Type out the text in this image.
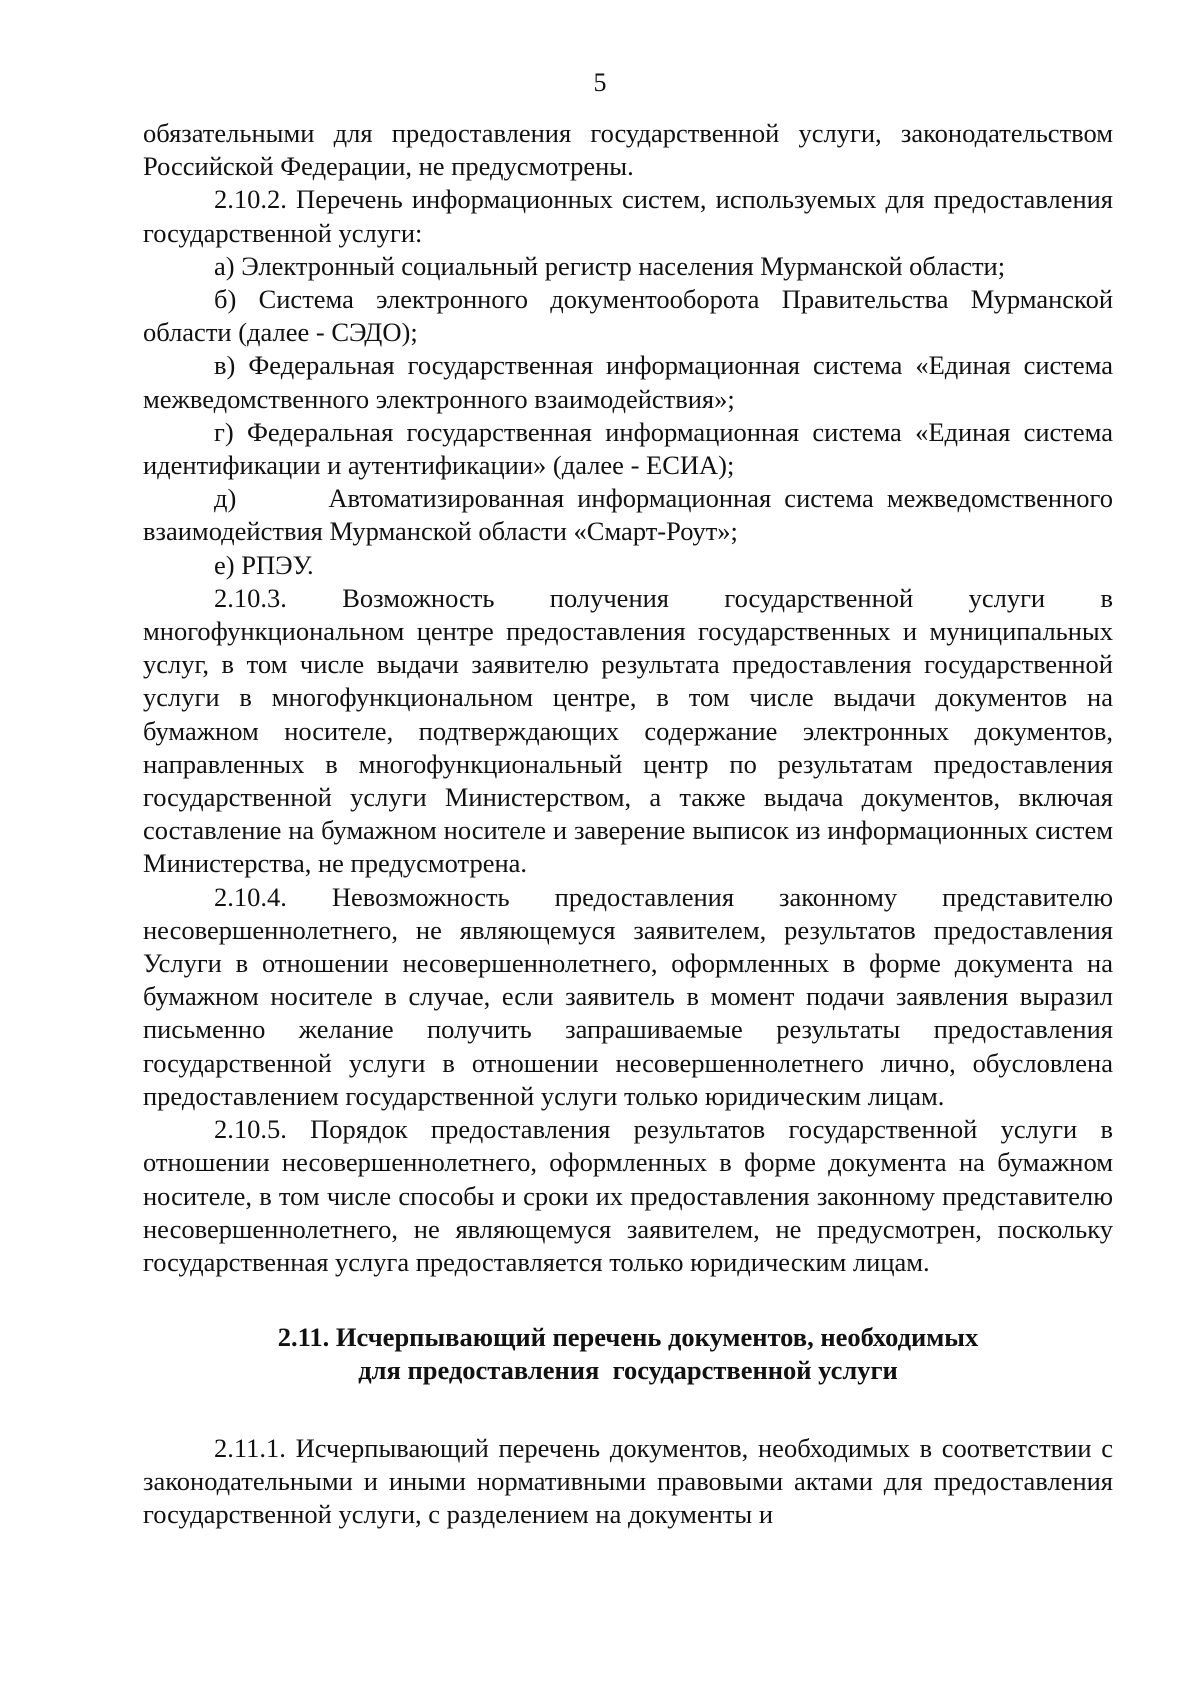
5

обязательными для предоставления государственной услуги, законодательством Российской Федерации, не предусмотрены.

2.10.2. Перечень информационных систем, используемых для предоставления государственной услуги:

а) Электронный социальный регистр населения Мурманской области;

б) Система электронного документооборота Правительства Мурманской области (далее - СЭДО);

в) Федеральная государственная информационная система «Единая система межведомственного электронного взаимодействия»;

г) Федеральная государственная информационная система «Единая система идентификации и аутентификации» (далее - ЕСИА);

д)       Автоматизированная информационная система межведомственного взаимодействия Мурманской области «Смарт-Роут»;

е) РПЭУ.

2.10.3. Возможность получения государственной услуги в многофункциональном центре предоставления государственных и муниципальных услуг, в том числе выдачи заявителю результата предоставления государственной услуги в многофункциональном центре, в том числе выдачи документов на бумажном носителе, подтверждающих содержание электронных документов, направленных в многофункциональный центр по результатам предоставления государственной услуги Министерством, а также выдача документов, включая составление на бумажном носителе и заверение выписок из информационных систем Министерства, не предусмотрена.

2.10.4. Невозможность предоставления законному представителю несовершеннолетнего, не являющемуся заявителем, результатов предоставления Услуги в отношении несовершеннолетнего, оформленных в форме документа на бумажном носителе в случае, если заявитель в момент подачи заявления выразил письменно желание получить запрашиваемые результаты предоставления государственной услуги в отношении несовершеннолетнего лично, обусловлена предоставлением государственной услуги только юридическим лицам.

2.10.5. Порядок предоставления результатов государственной услуги в отношении несовершеннолетнего, оформленных в форме документа на бумажном носителе, в том числе способы и сроки их предоставления законному представителю несовершеннолетнего, не являющемуся заявителем, не предусмотрен, поскольку государственная услуга предоставляется только юридическим лицам.

2.11. Исчерпывающий перечень документов, необходимых

для предоставления  государственной услуги

2.11.1. Исчерпывающий перечень документов, необходимых в соответствии с законодательными и иными нормативными правовыми актами для предоставления государственной услуги, с разделением на документы и
